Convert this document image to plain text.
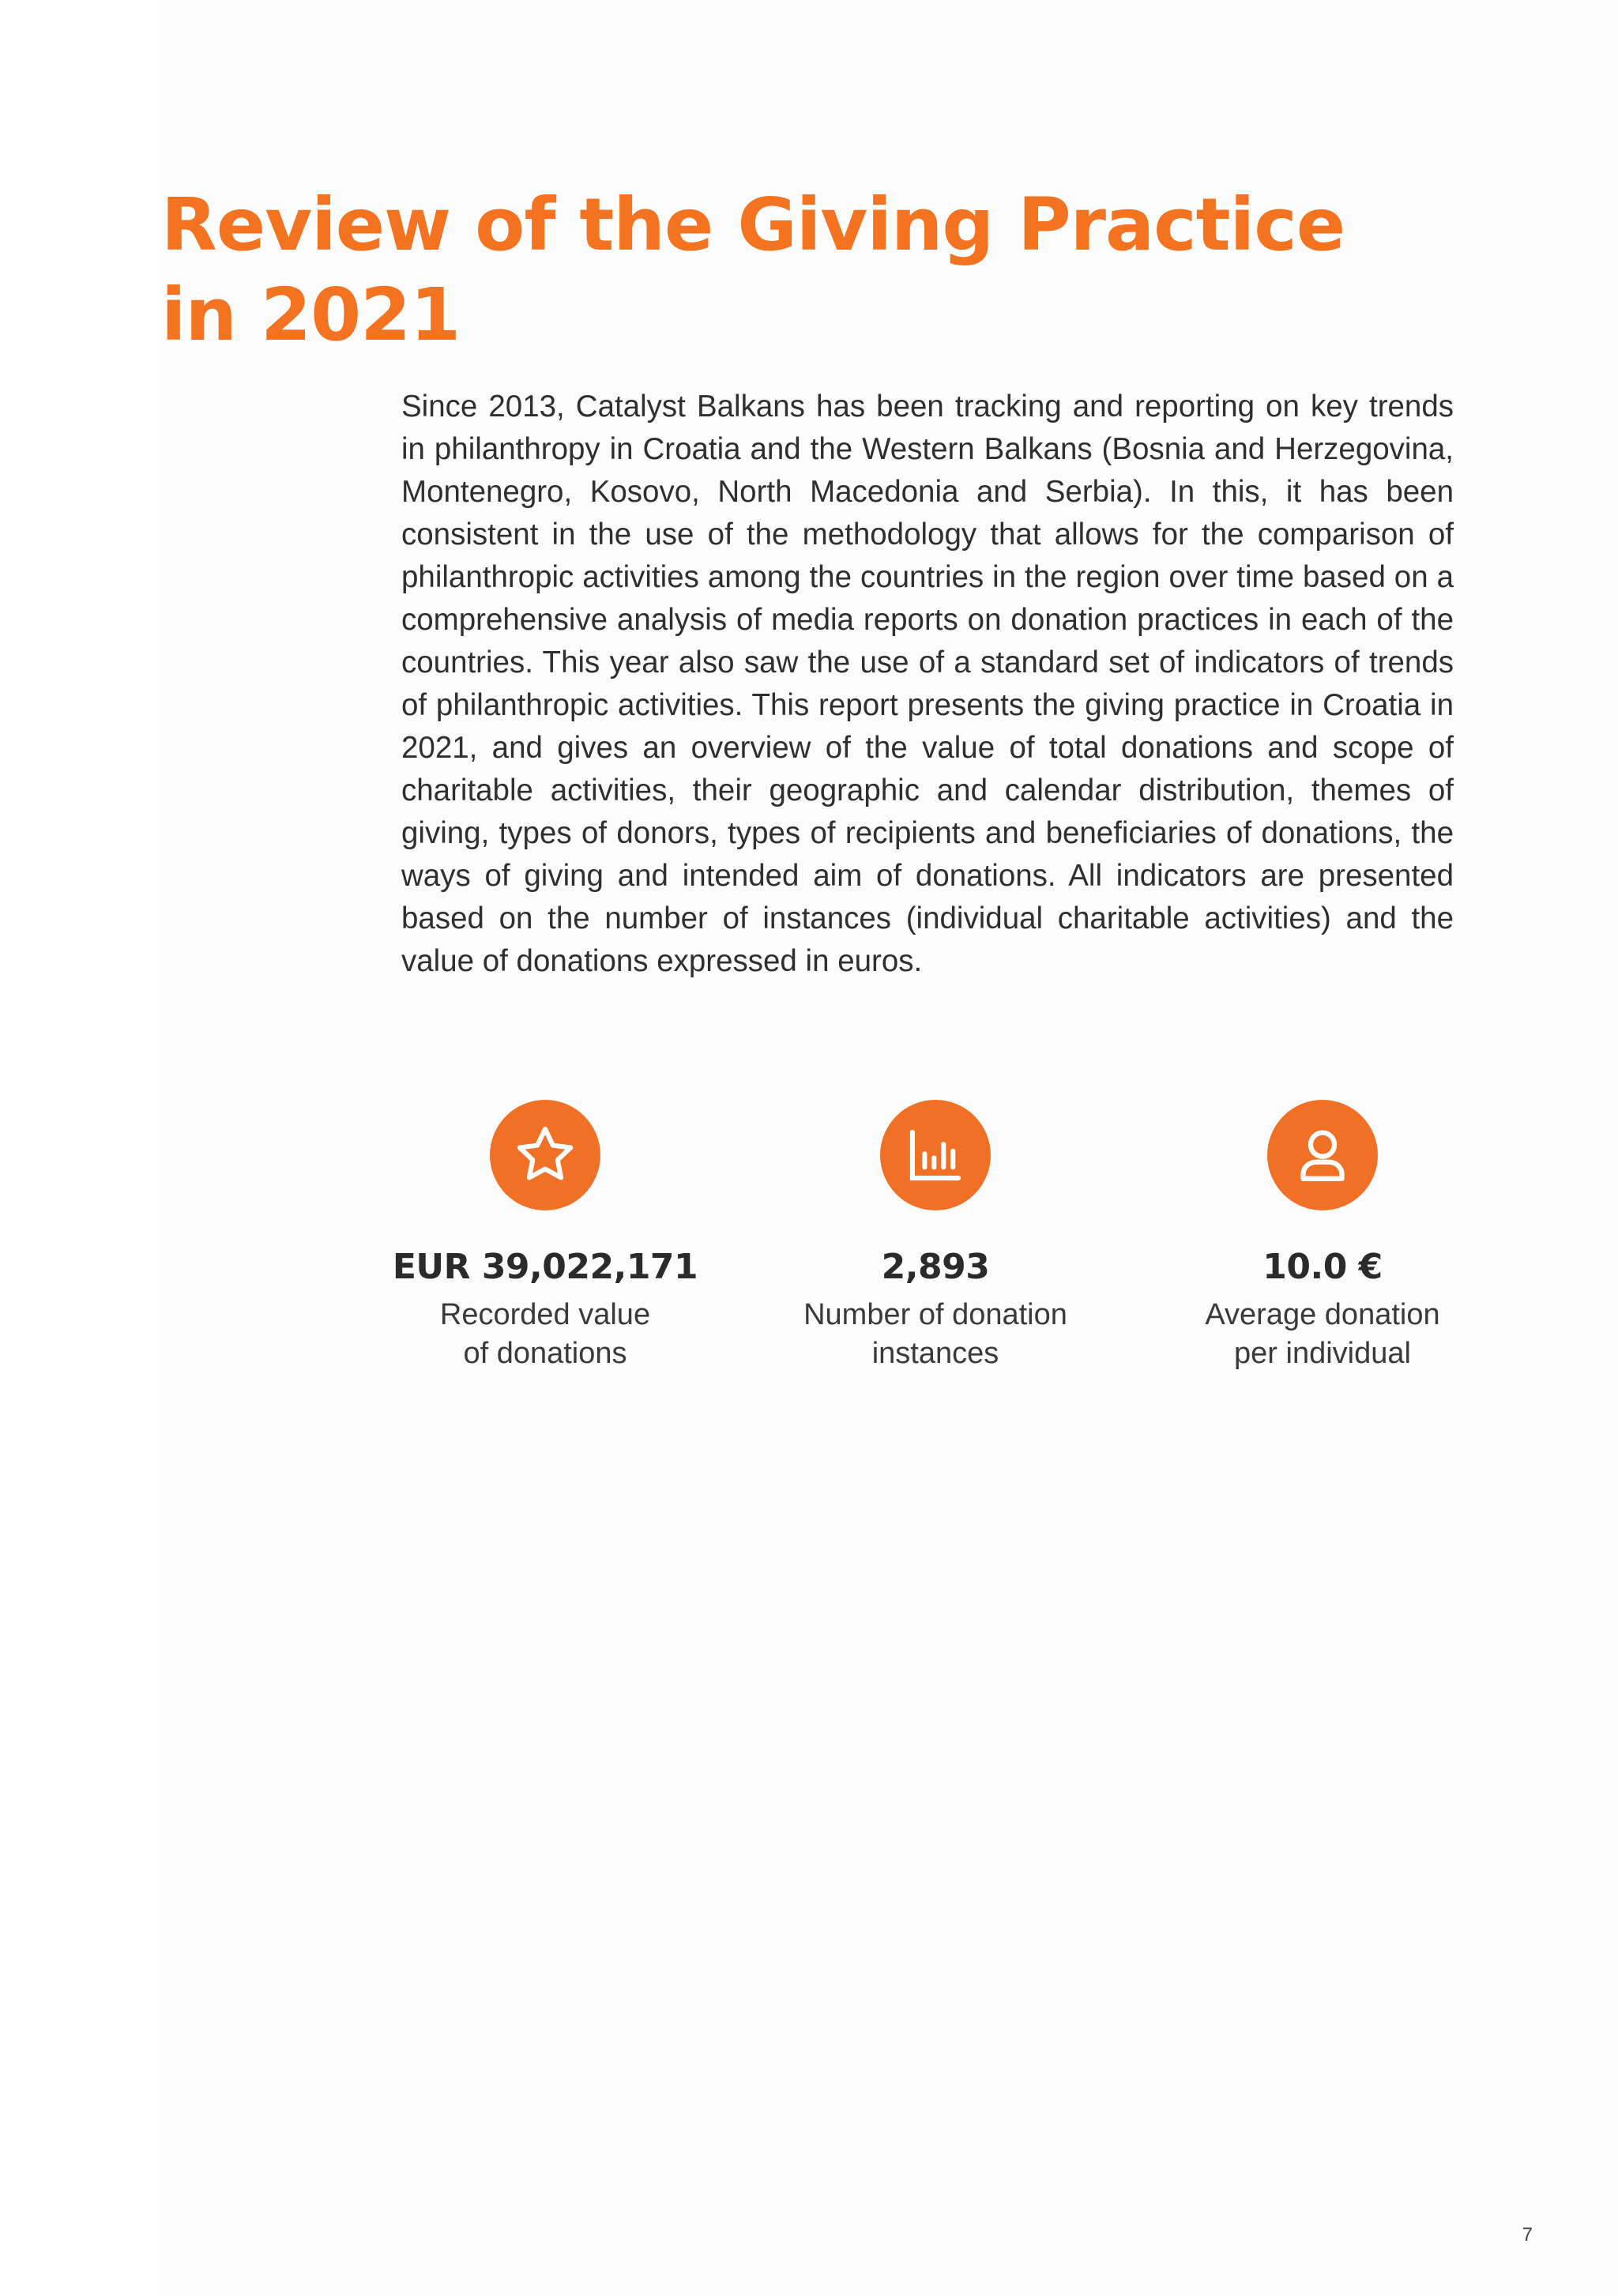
Review of the Giving Practice in 2021

Since 2013, Catalyst Balkans has been tracking and reporting on key trends in philanthropy in Croatia and the Western Balkans (Bosnia and Herzegovina, Montenegro, Kosovo, North Macedonia and Serbia). In this, it has been consistent in the use of the methodology that allows for the comparison of philanthropic activities among the countries in the region over time based on a comprehensive analysis of media reports on donation practices in each of the countries. This year also saw the use of a standard set of indicators of trends of philanthropic activities. This report presents the giving practice in Croatia in 2021, and gives an overview of the value of total donations and scope of charitable activities, their geographic and calendar distribution, themes of giving, types of donors, types of recipients and beneficiaries of donations, the ways of giving and intended aim of donations. All indicators are presented based on the number of instances (individual charitable activities) and the value of donations expressed in euros.

EUR 39,022,171
Recorded value
of donations
2,893
Number of donation
instances
10.0 €
Average donation
per individual
7
